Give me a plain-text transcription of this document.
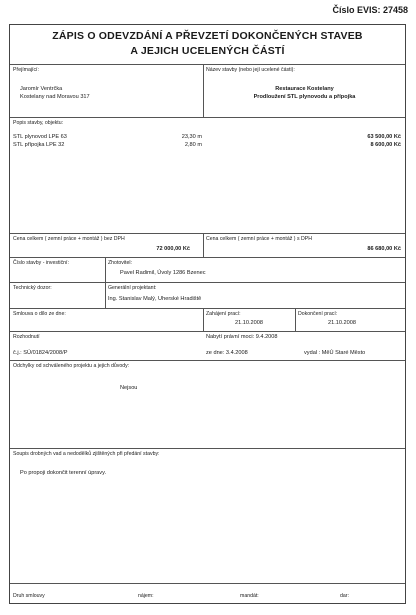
Číslo EVIS: 27458
ZÁPIS O ODEVZDÁNÍ A PŘEVZETÍ DOKONČENÝCH STAVEB
A JEJICH UCELENÝCH ČÁSTÍ
Přejímající:
Jaromír Ventrčka
Kostelany nad Moravou 317
Název stavby (nebo její ucelené části):
Restaurace Kostelany
Prodloužení STL plynovodu a přípojka
Popis stavby, objektu:
STL plynovod LPE 63	23,30 m	63 500,00 Kč
STL přípojka LPE 32	2,80 m	8 600,00 Kč
Cena celkem ( zemní práce + montáž ) bez DPH
72 000,00 Kč
Cena celkem ( zemní práce + montáž ) s DPH
86 680,00 Kč
Číslo stavby - investiční:	Zhotovitel:
Pavel Radimil, Úvoly 1286 Bzenec
Technický dozor:	Generální projektant:
Ing. Stanislav Malý, Uherské Hradiště
Smlouva o dílo ze dne:	Zahájení prací:
21.10.2008
Dokončení prací:
21.10.2008
Rozhodnutí	Nabytí právní moci: 9.4.2008
č.j.: SÚ/01824/2008/P	ze dne: 3.4.2008	vydal : MěÚ Staré Město
Odchylky od schváleného projektu a jejich důvody:
Nejsou
Soupis drobných vad a nedodělků zjištěných při předání stavby:
Po propoji dokončit terenní úpravy.
Druh smlouvy	nájem:	mandát:	dar:
